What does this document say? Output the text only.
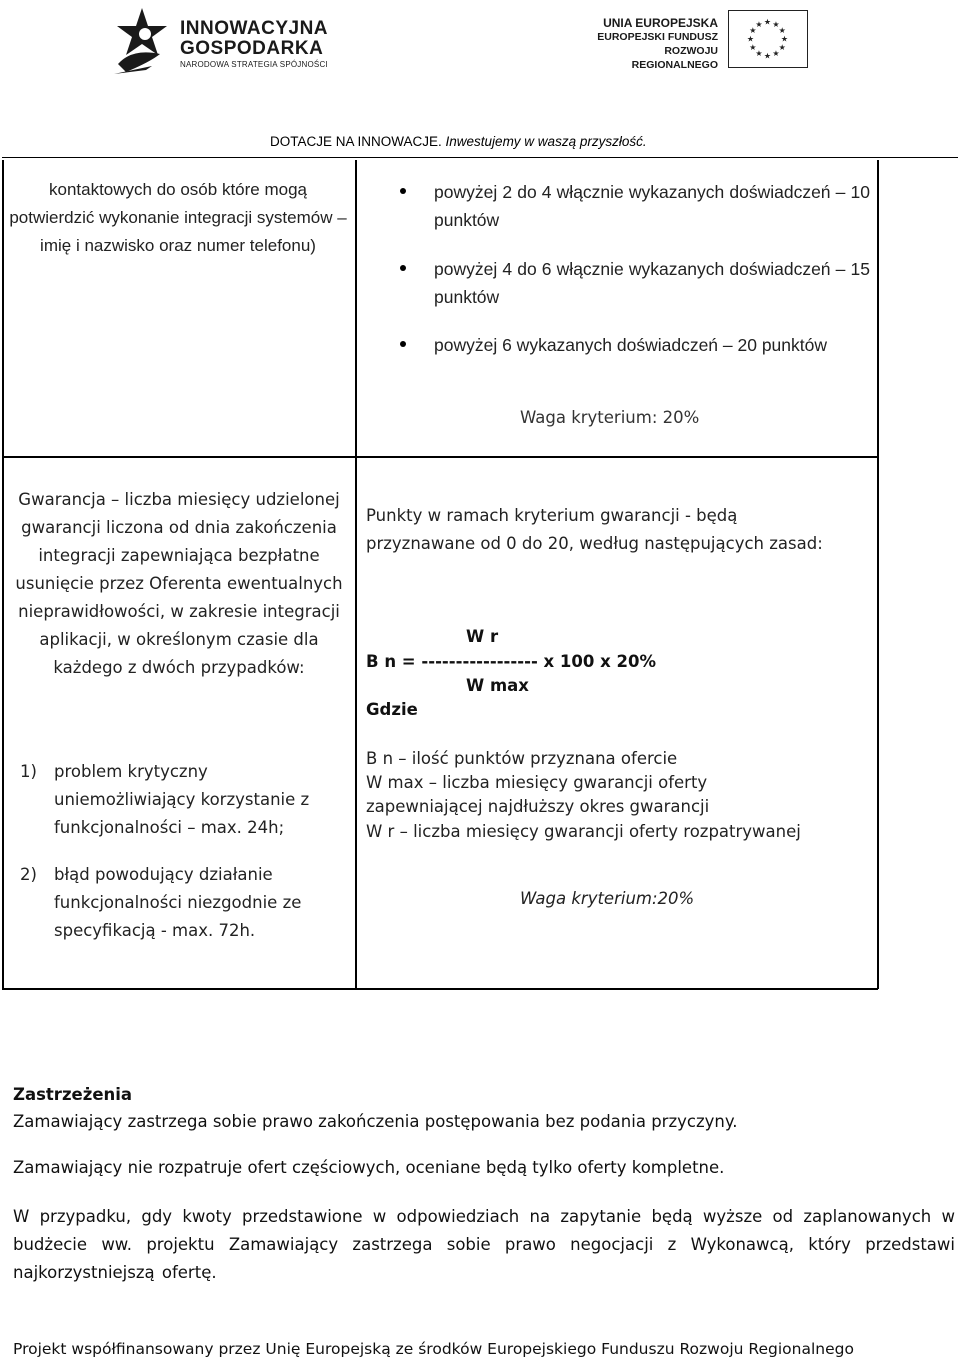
INNOWACYJNA
GOSPODARKA
NARODOWA STRATEGIA SPÓJNOŚCI
UNIA EUROPEJSKA
EUROPEJSKI FUNDUSZ
ROZWOJU REGIONALNEGO
★
★
★
★
★
★
★
★
★ ★ ★
★
DOTACJE NA INNOWACJE. Inwestujemy w waszą przyszłość.
kontaktowych do osób które mogą potwierdzić wykonanie integracji systemów – imię i nazwisko oraz numer telefonu)
powyżej 2 do 4 włącznie wykazanych doświadczeń – 10 punktów
powyżej 4 do 6 włącznie wykazanych doświadczeń – 15 punktów
powyżej 6 wykazanych doświadczeń – 20 punktów
Waga kryterium: 20%
Gwarancja – liczba miesięcy udzielonej gwarancji liczona od dnia zakończenia integracji zapewniająca bezpłatne usunięcie przez Oferenta ewentualnych nieprawidłowości, w zakresie integracji aplikacji, w określonym czasie dla każdego z dwóch przypadków:
1) problem krytyczny uniemożliwiający korzystanie z funkcjonalności – max. 24h;
2) błąd powodujący działanie funkcjonalności niezgodnie ze specyfikacją - max. 72h.
Punkty w ramach kryterium gwarancji - będą
przyznawane od 0 do 20, według następujących zasad:
W r
B n = ----------------- x 100 x 20%
W max
Gdzie
B n – ilość punktów przyznana ofercie
W max – liczba miesięcy gwarancji oferty
zapewniającej najdłuższy okres gwarancji
W r – liczba miesięcy gwarancji oferty rozpatrywanej
Waga kryterium:20%
Zastrzeżenia
Zamawiający zastrzega sobie prawo zakończenia postępowania bez podania przyczyny.
Zamawiający nie rozpatruje ofert częściowych, oceniane będą tylko oferty kompletne.
W przypadku, gdy kwoty przedstawione w odpowiedziach na zapytanie będą wyższe od zaplanowanych w budżecie ww. projektu Zamawiający zastrzega sobie prawo negocjacji z Wykonawcą, który przedstawi najkorzystniejszą ofertę.
Projekt współfinansowany przez Unię Europejską ze środków Europejskiego Funduszu Rozwoju Regionalnego
